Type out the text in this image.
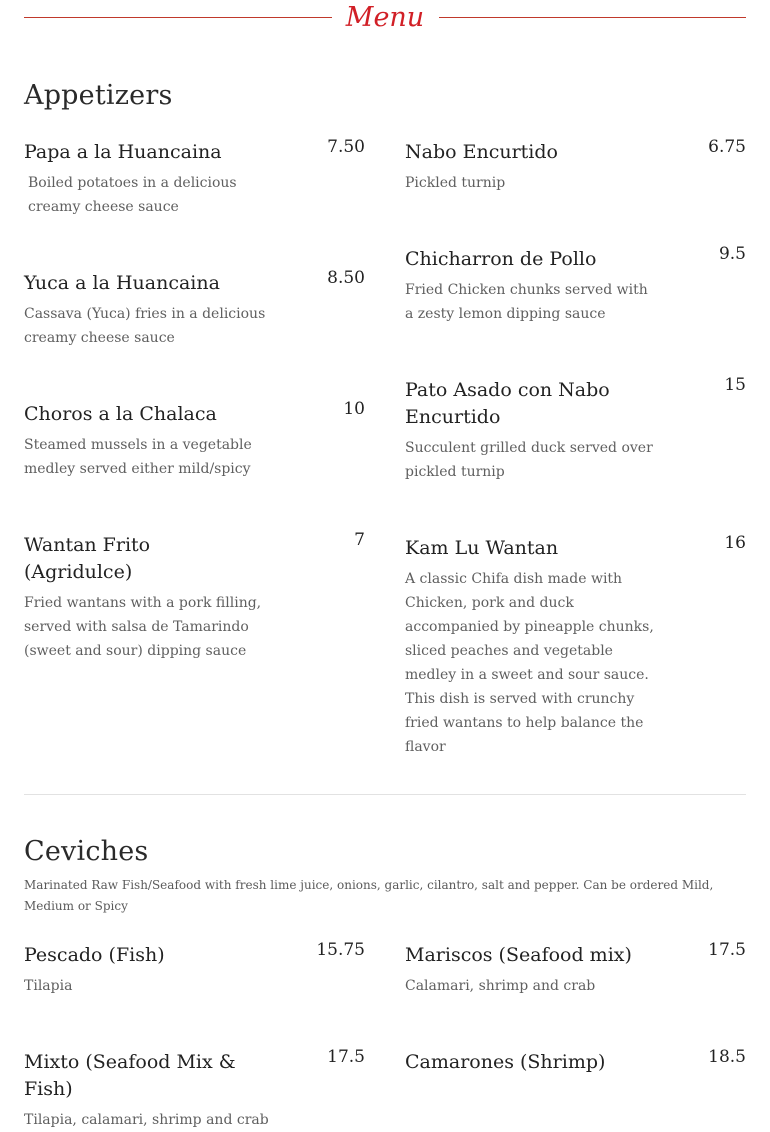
Menu
Appetizers
Papa a la Huancaina	7.50
Boiled potatoes in a delicious creamy cheese sauce
Nabo Encurtido	6.75
Pickled turnip
Yuca a la Huancaina	8.50
Cassava (Yuca) fries in a delicious creamy cheese sauce
Chicharron de Pollo	9.5
Fried Chicken chunks served with a zesty lemon dipping sauce
Choros a la Chalaca	10
Steamed mussels in a vegetable medley served either mild/spicy
Pato Asado con Nabo Encurtido
15
Succulent grilled duck served over pickled turnip
Wantan Frito (Agridulce)
7
Fried wantans with a pork filling, served with salsa de Tamarindo (sweet and sour) dipping sauce
Kam Lu Wantan	16
A classic Chifa dish made with Chicken, pork and duck accompanied by pineapple chunks, sliced peaches and vegetable medley in a sweet and sour sauce. This dish is served with crunchy fried wantans to help balance the flavor
Ceviches

Marinated Raw Fish/Seafood with fresh lime juice, onions, garlic, cilantro, salt and pepper. Can be ordered Mild, Medium or Spicy

Pescado (Fish)	15.75
Tilapia
Mariscos (Seafood mix)	17.5
Calamari, shrimp and crab
Mixto (Seafood Mix & Fish)
17.5
Tilapia, calamari, shrimp and crab
Camarones (Shrimp)	18.5
